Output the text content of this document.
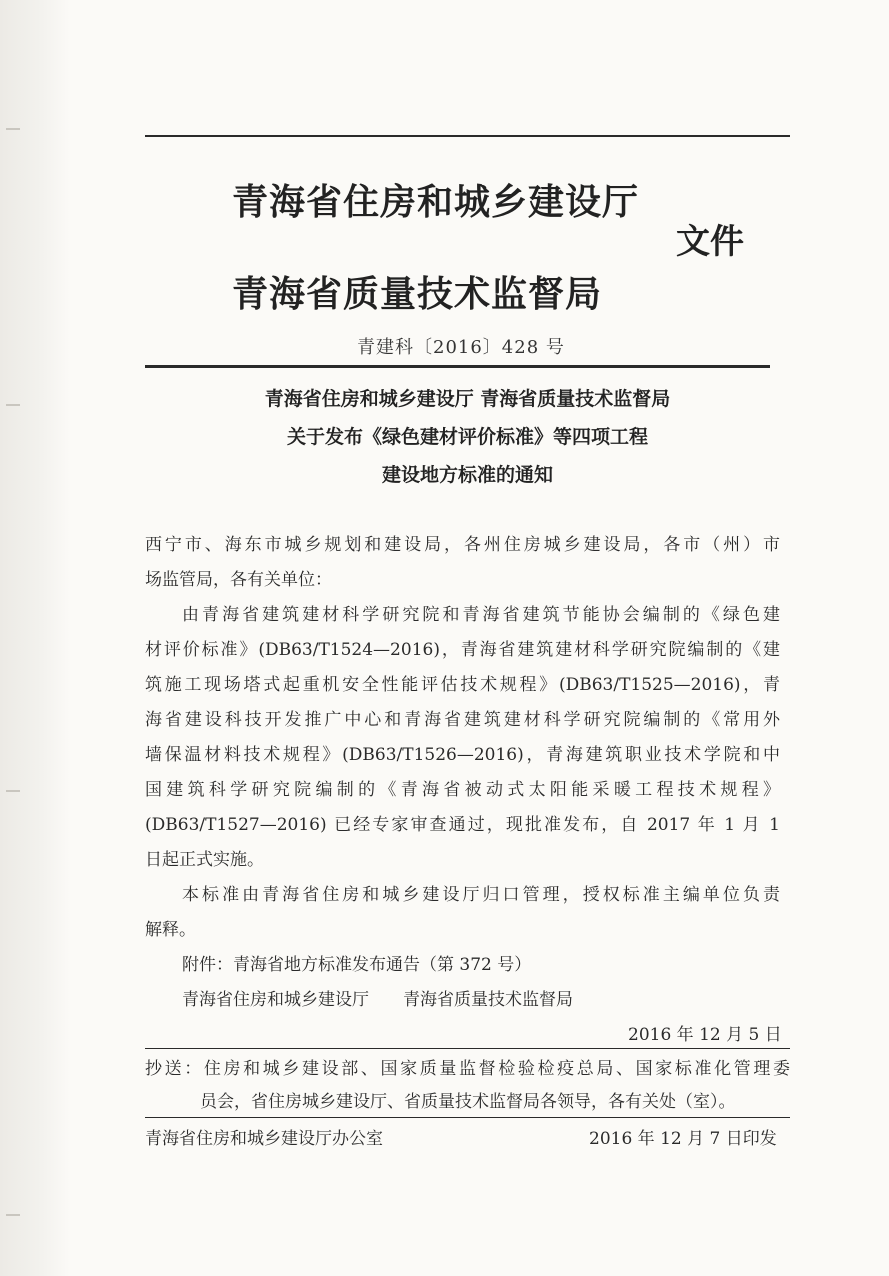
青海省住房和城乡建设厅
文件
青海省质量技术监督局
青建科〔2016〕428 号
青海省住房和城乡建设厅 青海省质量技术监督局
关于发布《绿色建材评价标准》等四项工程
建设地方标准的通知
西宁市、海东市城乡规划和建设局，各州住房城乡建设局，各市（州）市
场监管局，各有关单位：
由青海省建筑建材科学研究院和青海省建筑节能协会编制的《绿色建
材评价标准》(DB63/T1524—2016)，青海省建筑建材科学研究院编制的《建
筑施工现场塔式起重机安全性能评估技术规程》(DB63/T1525—2016)，青
海省建设科技开发推广中心和青海省建筑建材科学研究院编制的《常用外
墙保温材料技术规程》(DB63/T1526—2016)，青海建筑职业技术学院和中
国建筑科学研究院编制的《青海省被动式太阳能采暖工程技术规程》
(DB63/T1527—2016) 已经专家审查通过，现批准发布，自 2017 年 1 月 1
日起正式实施。
本标准由青海省住房和城乡建设厅归口管理，授权标准主编单位负责
解释。
附件：青海省地方标准发布通告（第 372 号）
青海省住房和城乡建设厅　　青海省质量技术监督局
2016 年 12 月 5 日
抄送：住房和城乡建设部、国家质量监督检验检疫总局、国家标准化管理委
员会，省住房城乡建设厅、省质量技术监督局各领导，各有关处（室）。
青海省住房和城乡建设厅办公室	2016 年 12 月 7 日印发
